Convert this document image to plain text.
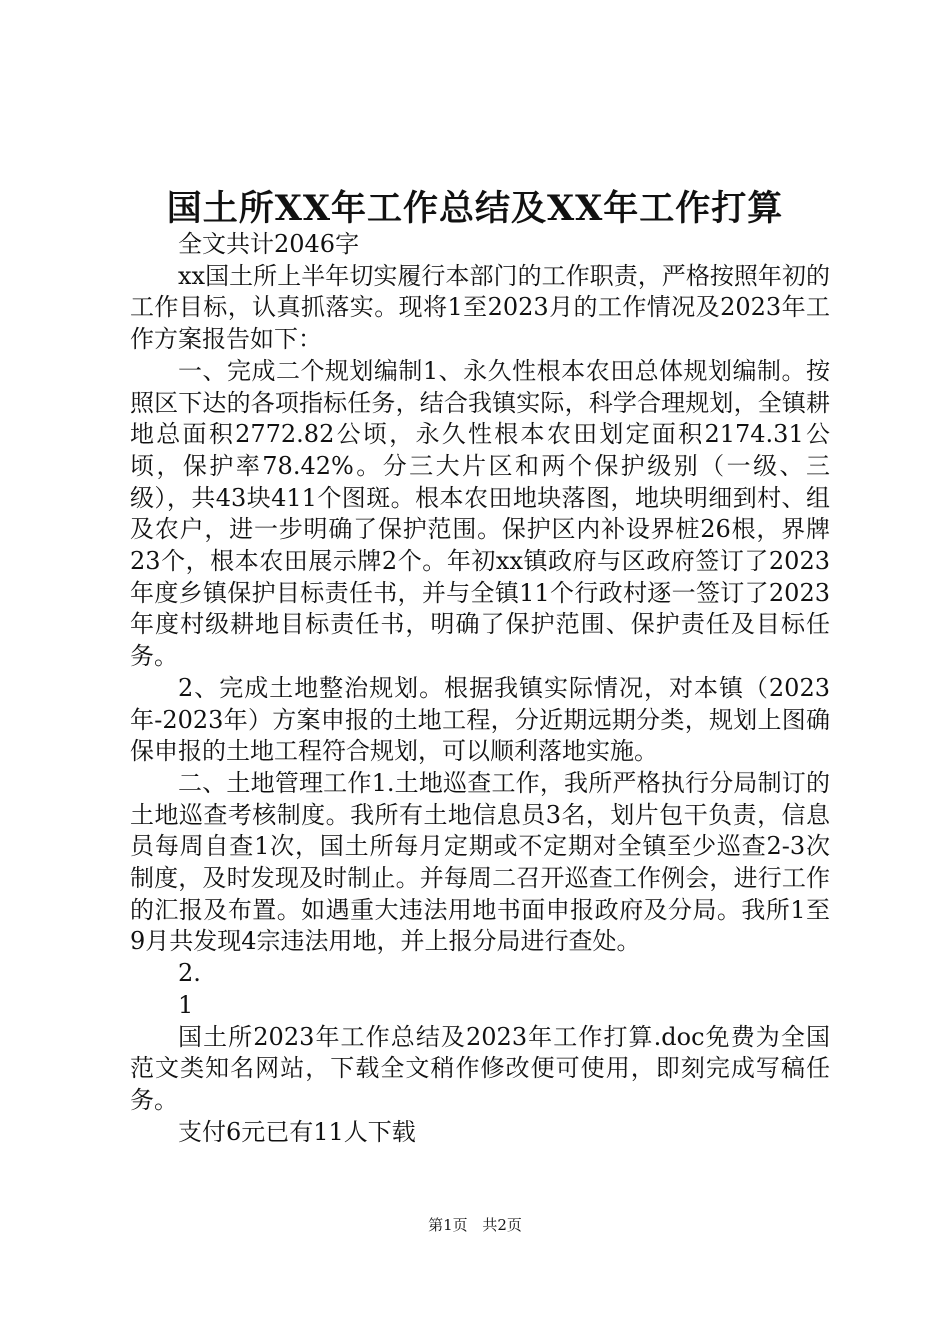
国土所XX年工作总结及XX年工作打算

全文共计2046字

xx国土所上半年切实履行本部门的工作职责，严格按照年初的工作目标，认真抓落实。现将1至2023月的工作情况及2023年工作方案报告如下：

一、完成二个规划编制1、永久性根本农田总体规划编制。按照区下达的各项指标任务，结合我镇实际，科学合理规划，全镇耕地总面积2772.82公顷，永久性根本农田划定面积2174.31公顷，保护率78.42%。分三大片区和两个保护级别（一级、三级），共43块411个图斑。根本农田地块落图，地块明细到村、组及农户，进一步明确了保护范围。保护区内补设界桩26根，界牌23个，根本农田展示牌2个。年初xx镇政府与区政府签订了2023年度乡镇保护目标责任书，并与全镇11个行政村逐一签订了2023年度村级耕地目标责任书，明确了保护范围、保护责任及目标任务。

2、完成土地整治规划。根据我镇实际情况，对本镇（2023年-2023年）方案申报的土地工程，分近期远期分类，规划上图确保申报的土地工程符合规划，可以顺利落地实施。

二、土地管理工作1.土地巡查工作，我所严格执行分局制订的土地巡查考核制度。我所有土地信息员3名，划片包干负责，信息员每周自查1次，国土所每月定期或不定期对全镇至少巡查2-3次制度，及时发现及时制止。并每周二召开巡查工作例会，进行工作的汇报及布置。如遇重大违法用地书面申报政府及分局。我所1至9月共发现4宗违法用地，并上报分局进行查处。

2.

1

国土所2023年工作总结及2023年工作打算.doc免费为全国范文类知名网站，下载全文稍作修改便可使用，即刻完成写稿任务。

支付6元已有11人下载

第1页 共2页
